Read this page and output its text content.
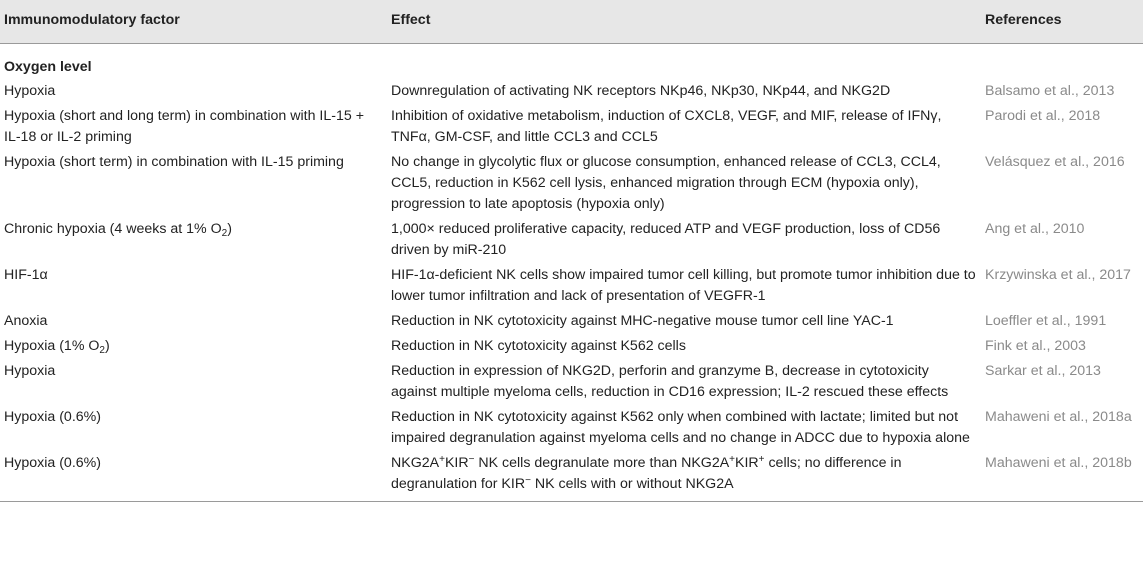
Immunomodulatory factor	Effect	References
Oxygen level		
Hypoxia	Downregulation of activating NK receptors NKp46, NKp30, NKp44, and NKG2D	Balsamo et al., 2013
Hypoxia (short and long term) in combination with IL-15 + IL-18 or IL-2 priming	Inhibition of oxidative metabolism, induction of CXCL8, VEGF, and MIF, release of IFNγ, TNFα, GM-CSF, and little CCL3 and CCL5	Parodi et al., 2018
Hypoxia (short term) in combination with IL-15 priming	No change in glycolytic flux or glucose consumption, enhanced release of CCL3, CCL4, CCL5, reduction in K562 cell lysis, enhanced migration through ECM (hypoxia only), progression to late apoptosis (hypoxia only)	Velásquez et al., 2016
Chronic hypoxia (4 weeks at 1% $O_2$)	1,000× reduced proliferative capacity, reduced ATP and VEGF production, loss of CD56 driven by miR-210	Ang et al., 2010
HIF-1α	HIF-1α-deficient NK cells show impaired tumor cell killing, but promote tumor inhibition due to lower tumor infiltration and lack of presentation of VEGFR-1	Krzywinska et al., 2017
Anoxia	Reduction in NK cytotoxicity against MHC-negative mouse tumor cell line YAC-1	Loeffler et al., 1991
Hypoxia (1% $O_2$)	Reduction in NK cytotoxicity against K562 cells	Fink et al., 2003
Hypoxia	Reduction in expression of NKG2D, perforin and granzyme B, decrease in cytotoxicity against multiple myeloma cells, reduction in CD16 expression; IL-2 rescued these effects	Sarkar et al., 2013
Hypoxia (0.6%)	Reduction in NK cytotoxicity against K562 only when combined with lactate; limited but not impaired degranulation against myeloma cells and no change in ADCC due to hypoxia alone	Mahaweni et al., 2018a
Hypoxia (0.6%)	NKG2A+KIR− NK cells degranulate more than NKG2A+KIR+ cells; no difference in degranulation for KIR− NK cells with or without NKG2A	Mahaweni et al., 2018b
